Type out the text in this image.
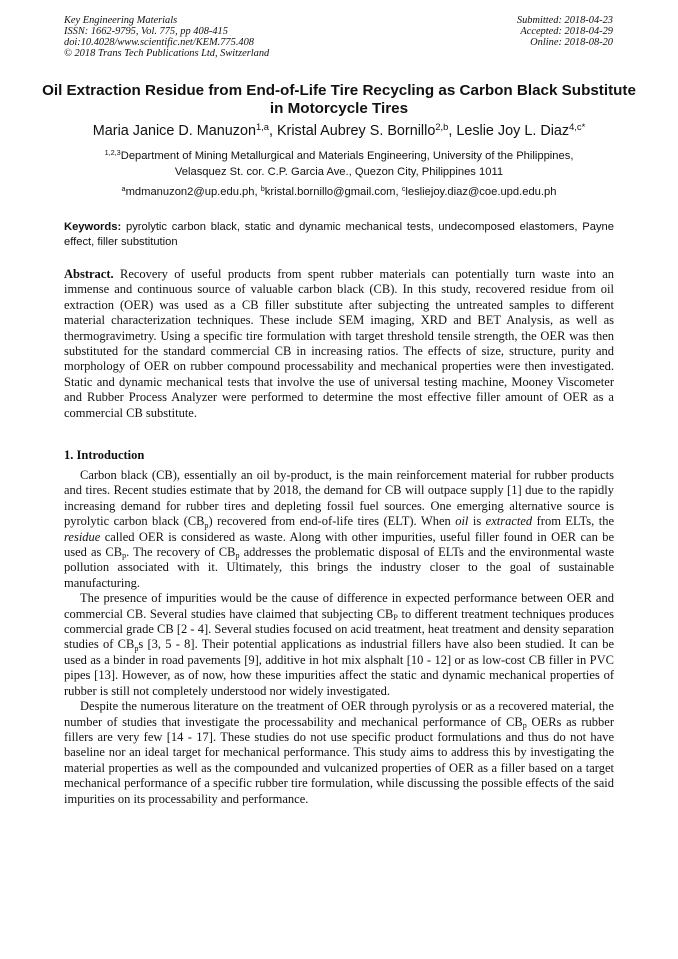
Key Engineering Materials
ISSN: 1662-9795, Vol. 775, pp 408-415
doi:10.4028/www.scientific.net/KEM.775.408
© 2018 Trans Tech Publications Ltd, Switzerland
Submitted: 2018-04-23
Accepted: 2018-04-29
Online: 2018-08-20
Oil Extraction Residue from End-of-Life Tire Recycling as Carbon Black Substitute in Motorcycle Tires
Maria Janice D. Manuzon$^{1,a}$, Kristal Aubrey S. Bornillo$^{2,b}$, Leslie Joy L. Diaz$^{4,c*}$
$^{1,2,3}$Department of Mining Metallurgical and Materials Engineering, University of the Philippines,
Velasquez St. cor. C.P. Garcia Ave., Quezon City, Philippines 1011
$^a$mdmanuzon2@up.edu.ph, $^b$kristal.bornillo@gmail.com, $^c$lesliejoy.diaz@coe.upd.edu.ph
Keywords: pyrolytic carbon black, static and dynamic mechanical tests, undecomposed elastomers, Payne effect, filler substitution
Abstract. Recovery of useful products from spent rubber materials can potentially turn waste into an immense and continuous source of valuable carbon black (CB). In this study, recovered residue from oil extraction (OER) was used as a CB filler substitute after subjecting the untreated samples to different material characterization techniques. These include SEM imaging, XRD and BET Analysis, as well as thermogravimetry. Using a specific tire formulation with target threshold tensile strength, the OER was then substituted for the standard commercial CB in increasing ratios. The effects of size, structure, purity and morphology of OER on rubber compound processability and mechanical properties were then investigated. Static and dynamic mechanical tests that involve the use of universal testing machine, Mooney Viscometer and Rubber Process Analyzer were performed to determine the most effective filler amount of OER as a commercial CB substitute.
1. Introduction

Carbon black (CB), essentially an oil by-product, is the main reinforcement material for rubber products and tires. Recent studies estimate that by 2018, the demand for CB will outpace supply [1] due to the rapidly increasing demand for rubber tires and depleting fossil fuel sources. One emerging alternative source is pyrolytic carbon black $(CB_p)$ recovered from end-of-life tires (ELT). When oil is extracted from ELTs, the residue called OER is considered as waste. Along with other impurities, useful filler found in OER can be used as $CB_p$. The recovery of $CB_p$ addresses the problematic disposal of ELTs and the environmental waste pollution associated with it. Ultimately, this brings the industry closer to the goal of sustainable manufacturing.

The presence of impurities would be the cause of difference in expected performance between OER and commercial CB. Several studies have claimed that subjecting $CB_P$ to different treatment techniques produces commercial grade CB [2 - 4]. Several studies focused on acid treatment, heat treatment and density separation studies of $CB_ps$ [3, 5 - 8]. Their potential applications as industrial fillers have also been studied. It can be used as a binder in road pavements [9], additive in hot mix alsphalt [10 - 12] or as low-cost CB filler in PVC pipes [13]. However, as of now, how these impurities affect the static and dynamic mechanical properties of rubber is still not completely understood nor widely investigated.

Despite the numerous literature on the treatment of OER through pyrolysis or as a recovered material, the number of studies that investigate the processability and mechanical performance of $CB_p$ OERs as rubber fillers are very few [14 - 17]. These studies do not use specific product formulations and thus do not have baseline nor an ideal target for mechanical performance. This study aims to address this by investigating the material properties as well as the compounded and vulcanized properties of OER as a filler based on a target mechanical performance of a specific rubber tire formulation, while discussing the possible effects of the said impurities on its processability and performance.
